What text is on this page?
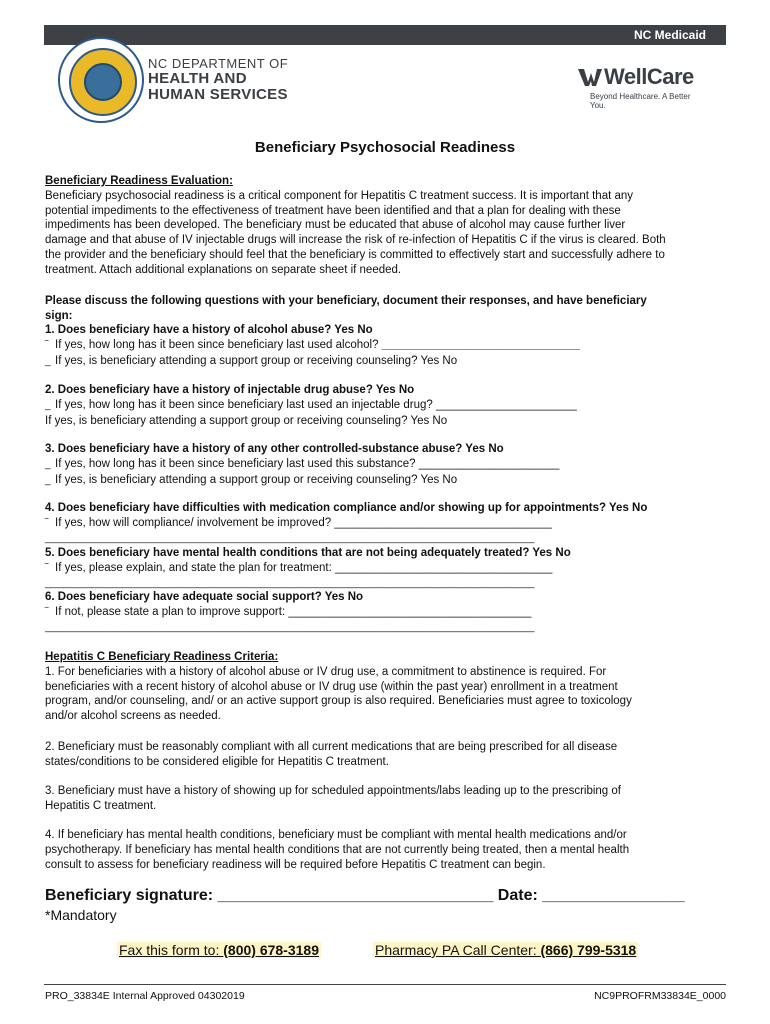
NC Medicaid
NC DEPARTMENT OF
HEALTH AND
HUMAN SERVICES
WellCare
Beyond Healthcare. A Better You.
Beneficiary Psychosocial Readiness
Beneficiary Readiness Evaluation:
Beneficiary psychosocial readiness is a critical component for Hepatitis C treatment success. It is important that any
potential impediments to the effectiveness of treatment have been identified and that a plan for dealing with these
impediments has been developed. The beneficiary must be educated that abuse of alcohol may cause further liver
damage and that abuse of IV injectable drugs will increase the risk of re-infection of Hepatitis C if the virus is cleared. Both
the provider and the beneficiary should feel that the beneficiary is committed to effectively start and successfully adhere to
treatment. Attach additional explanations on separate sheet if needed.
Please discuss the following questions with your beneficiary, document their responses, and have beneficiary
sign:
1. Does beneficiary have a history of alcohol abuse? Yes No
‾ If yes, how long has it been since beneficiary last used alcohol? _______________________________
_ If yes, is beneficiary attending a support group or receiving counseling? Yes No
2. Does beneficiary have a history of injectable drug abuse? Yes No
_ If yes, how long has it been since beneficiary last used an injectable drug? ______________________
If yes, is beneficiary attending a support group or receiving counseling? Yes No
3. Does beneficiary have a history of any other controlled-substance abuse? Yes No
_ If yes, how long has it been since beneficiary last used this substance? ______________________
_ If yes, is beneficiary attending a support group or receiving counseling? Yes No
4. Does beneficiary have difficulties with medication compliance and/or showing up for appointments? Yes No
‾ If yes, how will compliance/ involvement be improved? __________________________________
________________________________________________________________________________________
5. Does beneficiary have mental health conditions that are not being adequately treated? Yes No
‾ If yes, please explain, and state the plan for treatment: __________________________________
________________________________________________________________________________________
6. Does beneficiary have adequate social support? Yes No
‾ If not, please state a plan to improve support: ______________________________________
________________________________________________________________________________________
Hepatitis C Beneficiary Readiness Criteria:
1. For beneficiaries with a history of alcohol abuse or IV drug use, a commitment to abstinence is required. For
beneficiaries with a recent history of alcohol abuse or IV drug use (within the past year) enrollment in a treatment
program, and/or counseling, and/ or an active support group is also required. Beneficiaries must agree to toxicology
and/or alcohol screens as needed.
2. Beneficiary must be reasonably compliant with all current medications that are being prescribed for all disease
states/conditions to be considered eligible for Hepatitis C treatment.
3. Beneficiary must have a history of showing up for scheduled appointments/labs leading up to the prescribing of
Hepatitis C treatment.
4. If beneficiary has mental health conditions, beneficiary must be compliant with mental health medications and/or
psychotherapy. If beneficiary has mental health conditions that are not currently being treated, then a mental health
consult to assess for beneficiary readiness will be required before Hepatitis C treatment can begin.
Beneficiary signature: _______________________________ Date: ________________
*Mandatory
Fax this form to: (800) 678-3189	Pharmacy PA Call Center: (866) 799-5318
PRO_33834E Internal Approved 04302019	NC9PROFRM33834E_0000
